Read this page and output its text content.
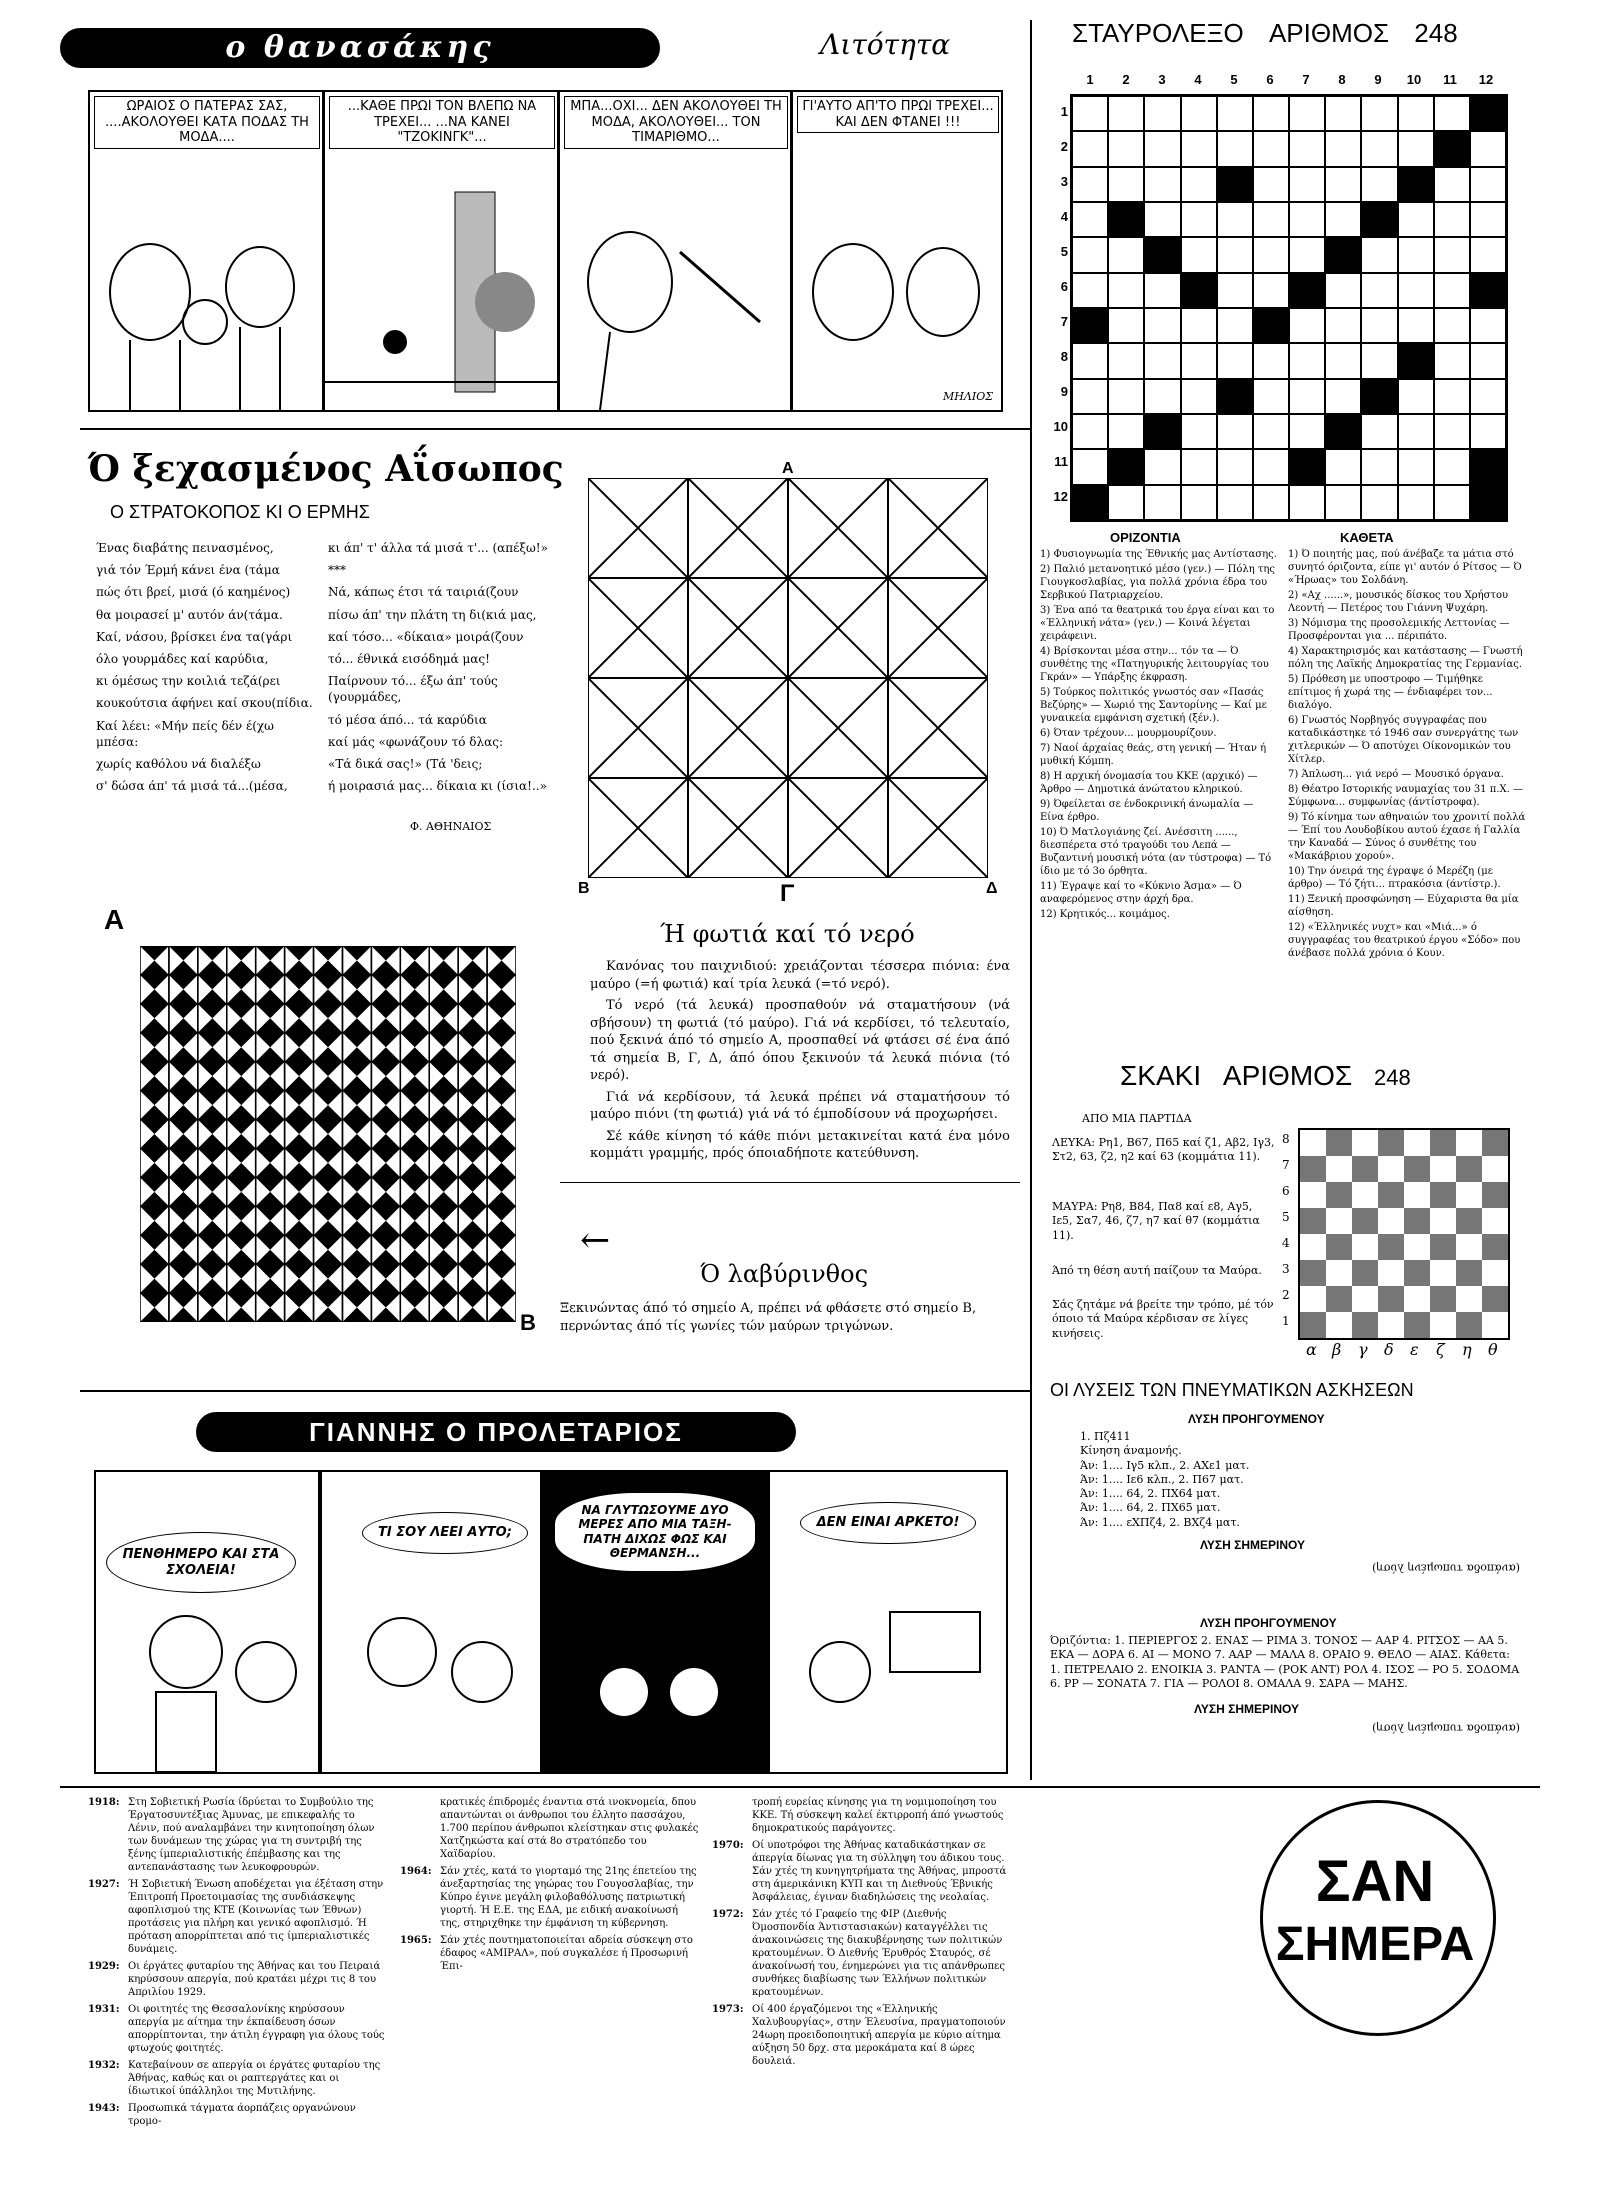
ο θανασάκης	Λιτότητα
ΩΡΑΙΟΣ Ο ΠΑΤΕΡΑΣ ΣΑΣ, ....ΑΚΟΛΟΥΘΕΙ ΚΑΤΑ ΠΟΔΑΣ ΤΗ ΜΟΔΑ....
...ΚΑΘΕ ΠΡΩΙ ΤΟΝ ΒΛΕΠΩ ΝΑ ΤΡΕΧΕΙ... ...ΝΑ ΚΑΝΕΙ "ΤΖΟΚΙΝΓΚ"...
ΜΠΑ...ΟΧΙ... ΔΕΝ ΑΚΟΛΟΥΘΕΙ ΤΗ ΜΟΔΑ, ΑΚΟΛΟΥΘΕΙ... ΤΟΝ ΤΙΜΑΡΙΘΜΟ...
ΓΙ'ΑΥΤΟ ΑΠ'ΤΟ ΠΡΩΙ ΤΡΕΧΕΙ... ΚΑΙ ΔΕΝ ΦΤΑΝΕΙ !!!
ΜΗΛΙΟΣ
ΣΤΑΥΡΟΛΕΞΟ ΑΡΙΘΜΟΣ 248
1	2	3	4	5	6	7	8	9	10	11	12
1
2
3
4
5
6
7
8
9
10
11
12
ΟΡΙΖΟΝΤΙΑ	ΚΑΘΕΤΑ
1) Φυσιογνωμία της Έθνικής μας Αντίστασης.
2) Παλιό μετανοητικό μέσο (γεν.) — Πόλη της Γιουγκοσλαβίας, για πολλά χρόνια έδρα του Σερβικού Πατριαρχείου.
3) Ένα από τα θεατρικά του έργα είναι και το «Έλληνική νάτα» (γεν.) — Κοινά λέγεται χειράφεινι.
4) Βρίσκονται μέσα στην... τόν τα — Ό συνθέτης της «Πατηγυρικής λειτουργίας του Γκράν» — Υπάρξης έκφραση.
5) Τούρκος πολιτικός γνωστός σαν «Πασάς Βεζύρης» — Χωριό της Σαντορίνης — Καί με γυναικεία εμφάνιση σχετική (ξέν.).
6) Όταν τρέχουν... μουρμουρίζουν.
7) Ναοί άρχαίας θεάς, στη γενική — Ήταν ή μυθική Κόμπη.
8) Η αρχική όνομασία του ΚΚΕ (αρχικό) — Άρθρο — Δημοτικά άνώτατου κληρικού.
9) Όφείλεται σε ένδοκρινική άνωμαλία — Είνα έρθρο.
10) Ό Ματλογιάνης ζεί. Ανέσσιτη ......, διεσπέρετα στό τραγούδι του Λεπά — Βυζαντινή μουσική νότα (αν τύστροφα) — Τό ίδιο με τό 3ο όρθητα.
11) Έγραψε καί το «Κύκνιο Άσμα» — Ό αναφερόμενος στην άρχή δρα.
12) Κρητικός... κοιμάμος.
1) Ό ποιητής μας, πού άνέβαζε τα μάτια στό συνητό όριζοντα, είπε γι' αυτόν ό Ρίτσος — Ό «Ήρωας» του Σολδάνη.
2) «Αχ ......», μουσικός δίσκος του Χρήστου Λεοντή — Πετέρος του Γιάννη Ψυχάρη.
3) Νόμισμα της προσολεμικής Λεττονίας — Προσφέρονται για ... πέριπάτο.
4) Χαρακτηρισμός και κατάστασης — Γνωστή πόλη της Λαϊκής Δημοκρατίας της Γερμανίας.
5) Πρόθεση με υποστροφο — Τιμήθηκε επίτιμος ή χωρά της — ένδιαφέρει τον... διαλόγο.
6) Γνωστός Νορβηγός συγγραφέας που καταδικάστηκε τό 1946 σαν συνεργάτης των χιτλερικών — Ό αποτύχει Οίκονομικών του Χίτλερ.
7) Άπλωση... γιά νερό — Μουσικό όργανα.
8) Θέατρο Ιστορικής ναυμαχίας του 31 π.Χ. — Σύμφωνα... συμφωνίας (άντίστροφα).
9) Τό κίνημα των αθηναιών του χρονιτί πολλά — Έπί του Λουδοβίκου αυτού έχασε ή Γαλλία την Καναδά — Σύνος ό συνθέτης του «Μακάβριου χορού».
10) Την όνειρά της έγραψε ό Μερέζη (με άρθρο) — Τό ζήτι... πτρακόσια (άντίστρ.).
11) Ξενική προσφώνηση — Εύχαριστα θα μία αίσθηση.
12) «Έλληνικές νυχτ» και «Μιά...» ό συγγραφέας του θεατρικού έργου «Σόδο» που άνέβασε πολλά χρόνια ό Κουν.
Ό ξεχασμένος Αΐσωπος
Ο ΣΤΡΑΤΟΚΟΠΟΣ ΚΙ Ο ΕΡΜΗΣ
Ένας διαβάτης πεινασμένος,
γιά τόν Έρμή κάνει ένα (τάμα
πώς ότι βρεί, μισά (ό καημένος)
θα μοιρασεί μ' αυτόν άν(τάμα.
Καί, νάσου, βρίσκει ένα τα(γάρι
όλο γουρμάδες καί καρύδια,
κι όμέσως την κοιλιά τεζά(ρει
κουκούτσια άφήνει καί σκου(πίδια.
Καί λέει: «Μήν πείς δέν έ(χω μπέσα:
χωρίς καθόλου νά διαλέξω
σ' δώσα άπ' τά μισά τά...(μέσα,
κι άπ' τ' άλλα τά μισά τ'... (απέξω!»
***
Νά, κάπως έτσι τά ταιριά(ζουν
πίσω άπ' την πλάτη τη δι(κιά μας,
καί τόσο... «δίκαια» μοιρά(ζουν
τό... έθνικά εισόδημά μας!
Παίρνουν τό... έξω άπ' τούς (γουρμάδες,
τό μέσα άπό... τά καρύδια
καί μάς «φωνάζουν τό δλας:
«Τά δικά σας!» (Τά 'δεις;
ή μοιρασιά μας... δίκαια κι (ίσια!..»
Φ. ΑΘΗΝΑΙΟΣ
Α
Β	Γ	Δ
Ή φωτιά καί τό νερό

Κανόνας του παιχνιδιού: χρειάζονται τέσσερα πιόνια: ένα μαύρο (=ή φωτιά) καί τρία λευκά (=τό νερό).

Τό νερό (τά λευκά) προσπαθούν νά σταματήσουν (νά σβήσουν) τη φωτιά (τό μαύρο). Γιά νά κερδίσει, τό τελευταίο, πού ξεκινά άπό τό σημείο Α, προσπαθεί νά φτάσει σέ ένα άπό τά σημεία Β, Γ, Δ, άπό όπου ξεκινούν τά λευκά πιόνια (τό νερό).

Γιά νά κερδίσουν, τά λευκά πρέπει νά σταματήσουν τό μαύρο πιόνι (τη φωτιά) γιά νά τό έμποδίσουν νά προχωρήσει.

Σέ κάθε κίνηση τό κάθε πιόνι μετακινείται κατά ένα μόνο κομμάτι γραμμής, πρός όποιαδήποτε κατεύθυνση.

Α
Β
←
Ό λαβύρινθος
Ξεκινώντας άπό τό σημείο Α, πρέπει νά φθάσετε στό σημείο Β, περνώντας άπό τίς γωνίες τών μαύρων τριγώνων.
ΣΚΑΚΙ ΑΡΙΘΜΟΣ 248
ΑΠΟ ΜΙΑ ΠΑΡΤΙΔΑ
ΛΕΥΚΑ: Ρη1, Β67, Π65 καί ζ1, Αβ2, Ιγ3, Στ2, 63, ζ2, η2 καί 63 (κομμάτια 11).
ΜΑΥΡΑ: Ρη8, Β84, Πα8 καί ε8, Αγ5, Ιε5, Σα7, 46, ζ7, η7 καί θ7 (κομμάτια 11).
Άπό τη θέση αυτή παίζουν τα Μαύρα.
Σάς ζητάμε νά βρείτε την τρόπο, μέ τόν όποιο τά Μαύρα κέρδισαν σε λίγες κινήσεις.
8
7
6
5
4
3
2
1
α β γ δ ε ζ η θ
ΟΙ ΛΥΣΕΙΣ ΤΩΝ ΠΝΕΥΜΑΤΙΚΩΝ ΑΣΚΗΣΕΩΝ
ΛΥΣΗ ΠΡΟΗΓΟΥΜΕΝΟΥ
1. Πζ411
Κίνηση άναμονής.
Άν: 1.... Ιγ5 κλπ., 2. ΑΧε1 ματ.
Άν: 1.... Ιε6 κλπ., 2. Π67 ματ.
Άν: 1.... 64, 2. ΠΧ64 ματ.
Άν: 1.... 64, 2. ΠΧ65 ματ.
Άν: 1.... εΧΠζ4, 2. ΒΧζ4 ματ.
ΛΥΣΗ ΣΗΜΕΡΙΝΟΥ
(ανάποδα τυπωμένη λύση)
ΛΥΣΗ ΠΡΟΗΓΟΥΜΕΝΟΥ
Όριζόντια: 1. ΠΕΡΙΕΡΓΟΣ 2. ΕΝΑΣ — ΡΙΜΑ 3. ΤΟΝΟΣ — ΑΑΡ 4. ΡΙΤΣΟΣ — ΑΑ 5. ΕΚΑ — ΔΟΡΑ 6. ΑΙ — ΜΟΝΟ 7. ΑΑΡ — ΜΑΛΑ 8. ΟΡΑΙΟ 9. ΘΕΛΟ — ΑΙΑΣ. Κάθετα: 1. ΠΕΤΡΕΛΑΙΟ 2. ΕΝΟΙΚΙΑ 3. ΡΑΝΤΑ — (ΡΟΚ ΑΝΤ) ΡΟΛ 4. ΙΣΟΣ — ΡΟ 5. ΣΟΔΟΜΑ 6. ΡΡ — ΣΟΝΑΤΑ 7. ΓΙΑ — ΡΟΛΟΙ 8. ΟΜΑΛΑ 9. ΣΑΡΑ — ΜΑΗΣ.
ΛΥΣΗ ΣΗΜΕΡΙΝΟΥ
(ανάποδα τυπωμένη λύση)
ΓΙΑΝΝΗΣ Ο ΠΡΟΛΕΤΑΡΙΟΣ
ΠΕΝΘΗΜΕΡΟ ΚΑΙ ΣΤΑ ΣΧΟΛΕΙΑ!
ΤΙ ΣΟΥ ΛΕΕΙ ΑΥΤΟ;
ΝΑ ΓΛΥΤΩΣΟΥΜΕ ΔΥΟ ΜΕΡΕΣ ΑΠΟ ΜΙΑ ΤΑΞΗ-ΠΑΤΗ ΔΙΧΩΣ ΦΩΣ ΚΑΙ ΘΕΡΜΑΝΣΗ...
ΔΕΝ ΕΙΝΑΙ ΑΡΚΕΤΟ!
1918: Στη Σοβιετική Ρωσία ίδρύεται το Συμβούλιο της Έργατοσυντέξιας Άμυνας, με επικεφαλής το Λένιν, πού αναλαμβάνει την κινητοποίηση όλων των δυνάμεων της χώρας για τη συντριβή της ξένης ίμπεριαλιστικής έπέμβασης και της αντεπανάστασης των λευκοφρουρών.
1927: Ή Σοβιετική Ένωση αποδέχεται για έξέταση στην Έπιτροπή Προετοιμασίας της συνδιάσκεψης αφοπλισμού της ΚΤΕ (Κοινωνίας των Έθνων) προτάσεις για πλήρη και γενικό αφοπλισμό. Ή πρόταση απορρίπτεται από τις ίμπεριαλιστικές δυνάμεις.
1929: Οι έργάτες φυταρίου της Άθήνας και του Πειραιά κηρύσσουν απεργία, πού κρατάει μέχρι τις 8 του Απριλίου 1929.
1931: Οι φοιτητές της Θεσσαλονίκης κηρύσσουν απεργία με αίτημα την έκπαίδευση όσων απορρίπτονται, την άτιλη έγγραφη για όλους τούς φτωχούς φοιτητές.
1932: Κατεβαίνουν σε απεργία οι έργάτες φυταρίου της Άθήνας, καθώς και οι ραπτεργάτες και οι ίδιωτικοί ύπάλληλοι της Μυτιλήνης.
1943: Προσωπικά τάγματα άορπάζεις οργανώνουν τρομο-
κρατικές έπιδρομές έναντια στά ινοκνομεία, δπου απαντώνται οι άνθρωποι του έλλητο πασσάχου, 1.700 περίπου άνθρωποι κλείστηκαν στις φυλακές Χατζηκώστα καί στά 8ο στρατόπεδο του Χαϊδαρίου.
1964: Σάν χτές, κατά το γιορταμό της 21ης έπετείου της άνεξαρτησίας της γηώρας του Γουγοσλαβίας, την Κύπρο έγινε μεγάλη φιλοβαθόλυσης πατριωτική γιορτή. Ή Ε.Ε. της ΕΔΑ, με ειδική ανακοίνωσή της, στηριχθηκε την έμφάνιση τη κύβερνηση.
1965: Σάν χτές πουτηματοποιείται αδρεία σύσκεψη στο έδαφος «ΑΜΙΡΑΛ», πού συγκαλέσε ή Προσωρινή Έπι-
τροπή ευρείας κίνησης για τη νομιμοποίηση του ΚΚΕ. Τή σύσκεψη καλεί έκτιρροπή άπό γνωστούς δημοκρατικούς παράγοντες.
1970: Οί υποτρόφοι της Άθήνας καταδικάστηκαν σε άπεργία δίωνας για τη σύλληψη του άδικου τους. Σάν χτές τη κυνηγητρήματα της Άθήνας, μπροστά στη άμερικάνικη ΚΥΠ και τη Διεθνούς Έβνικής Άσφάλειας, έγιναν διαδηλώσεις της νεολαίας.
1972: Σάν χτές τό Γραφείο της ΦΙΡ (Διεθνής Όμοσπονδία Άντιστασιακών) καταγγέλλει τις άνακοινώσεις της διακυβέρνησης των πολιτικών κρατουμένων. Ό Διεθνής Έρυθρός Σταυρός, σέ άνακοίνωσή του, ένημερώνει για τις απάνθρωπες συνθήκες διαβίωσης των Έλλήνων πολιτικών κρατουμένων.
1973: Οί 400 έργαζόμενοι της «Έλληνικής Χαλυβουργίας», στην Έλευσίνα, πραγματοποιούν 24ωρη προειδοποιητική απεργία με κύριο αίτημα αύξηση 50 δρχ. στα μεροκάματα καί 8 ώρες δουλειά.
ΣΑΝ
ΣΗΜΕΡΑ
